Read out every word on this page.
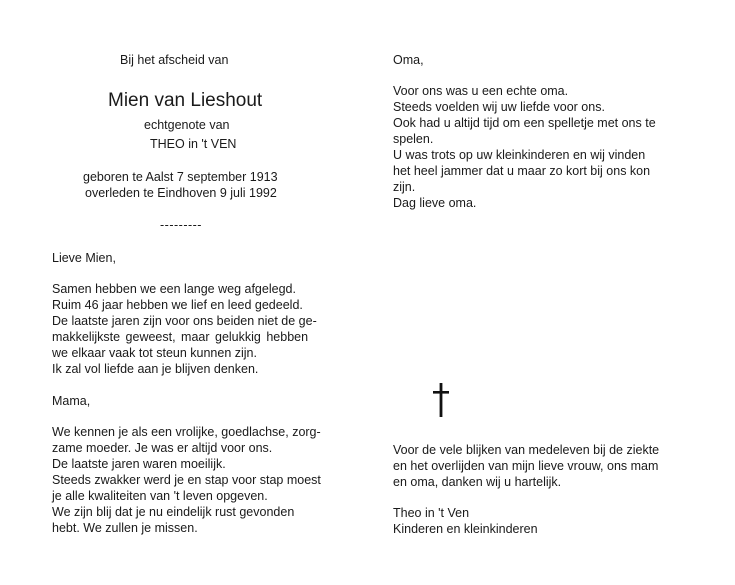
Bij het afscheid van
Mien van Lieshout
echtgenote van
THEO in 't VEN
geboren te Aalst 7 september 1913
overleden te Eindhoven 9 juli 1992
---------
Lieve Mien,
Samen hebben we een lange weg afgelegd.
Ruim 46 jaar hebben we lief en leed gedeeld.
De laatste jaren zijn voor ons beiden niet de ge-
makkelijkste geweest, maar gelukkig hebben
we elkaar vaak tot steun kunnen zijn.
Ik zal vol liefde aan je blijven denken.
Mama,
We kennen je als een vrolijke, goedlachse, zorg-
zame moeder. Je was er altijd voor ons.
De laatste jaren waren moeilijk.
Steeds zwakker werd je en stap voor stap moest
je alle kwaliteiten van 't leven opgeven.
We zijn blij dat je nu eindelijk rust gevonden
hebt. We zullen je missen.
Oma,
Voor ons was u een echte oma.
Steeds voelden wij uw liefde voor ons.
Ook had u altijd tijd om een spelletje met ons te
spelen.
U was trots op uw kleinkinderen en wij vinden
het heel jammer dat u maar zo kort bij ons kon
zijn.
Dag lieve oma.
Voor de vele blijken van medeleven bij de ziekte
en het overlijden van mijn lieve vrouw, ons mam
en oma, danken wij u hartelijk.
Theo in 't Ven
Kinderen en kleinkinderen
